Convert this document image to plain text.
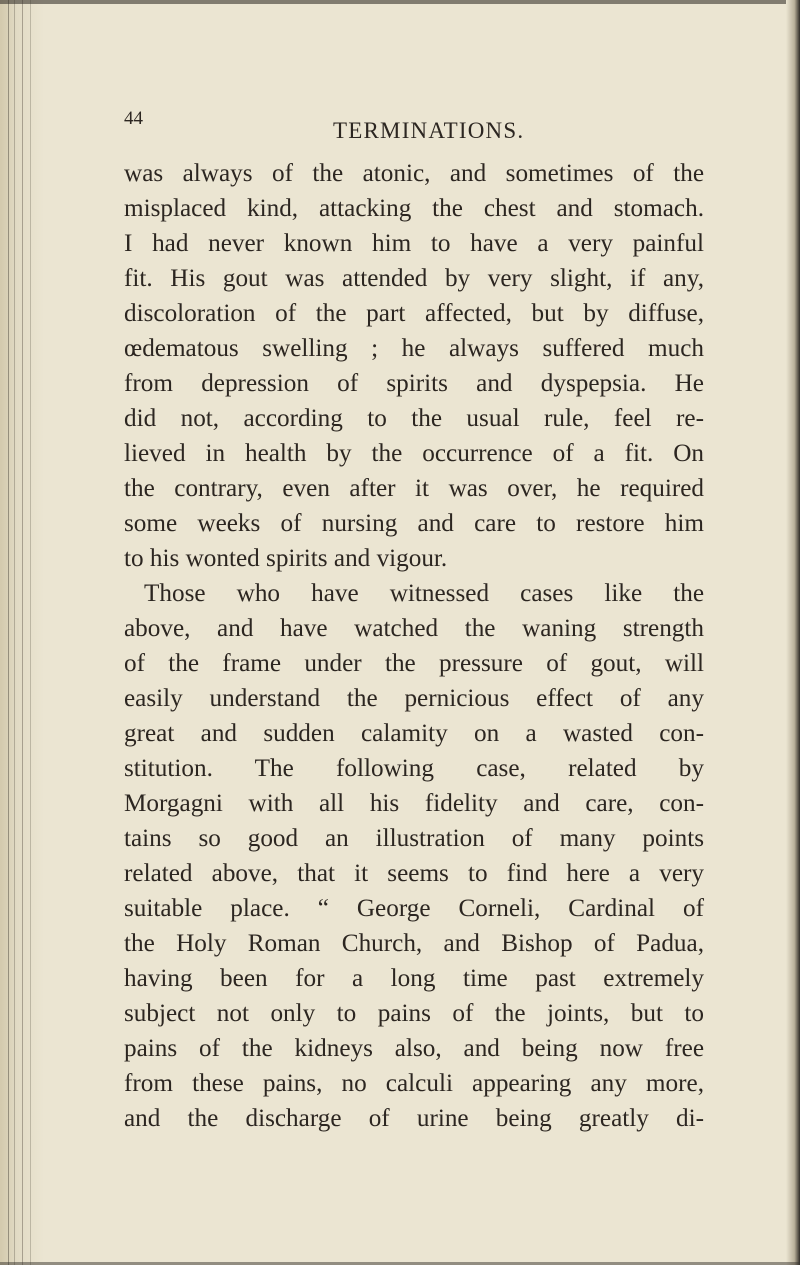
44	TERMINATIONS.
was always of the atonic, and sometimes of the
misplaced kind, attacking the chest and stomach.
I had never known him to have a very painful
fit. His gout was attended by very slight, if any,
discoloration of the part affected, but by diffuse,
œdematous swelling ; he always suffered much
from depression of spirits and dyspepsia. He
did not, according to the usual rule, feel re-
lieved in health by the occurrence of a fit. On
the contrary, even after it was over, he required
some weeks of nursing and care to restore him
to his wonted spirits and vigour.
Those who have witnessed cases like the
above, and have watched the waning strength
of the frame under the pressure of gout, will
easily understand the pernicious effect of any
great and sudden calamity on a wasted con-
stitution. The following case, related by
Morgagni with all his fidelity and care, con-
tains so good an illustration of many points
related above, that it seems to find here a very
suitable place. “ George Corneli, Cardinal of
the Holy Roman Church, and Bishop of Padua,
having been for a long time past extremely
subject not only to pains of the joints, but to
pains of the kidneys also, and being now free
from these pains, no calculi appearing any more,
and the discharge of urine being greatly di-
